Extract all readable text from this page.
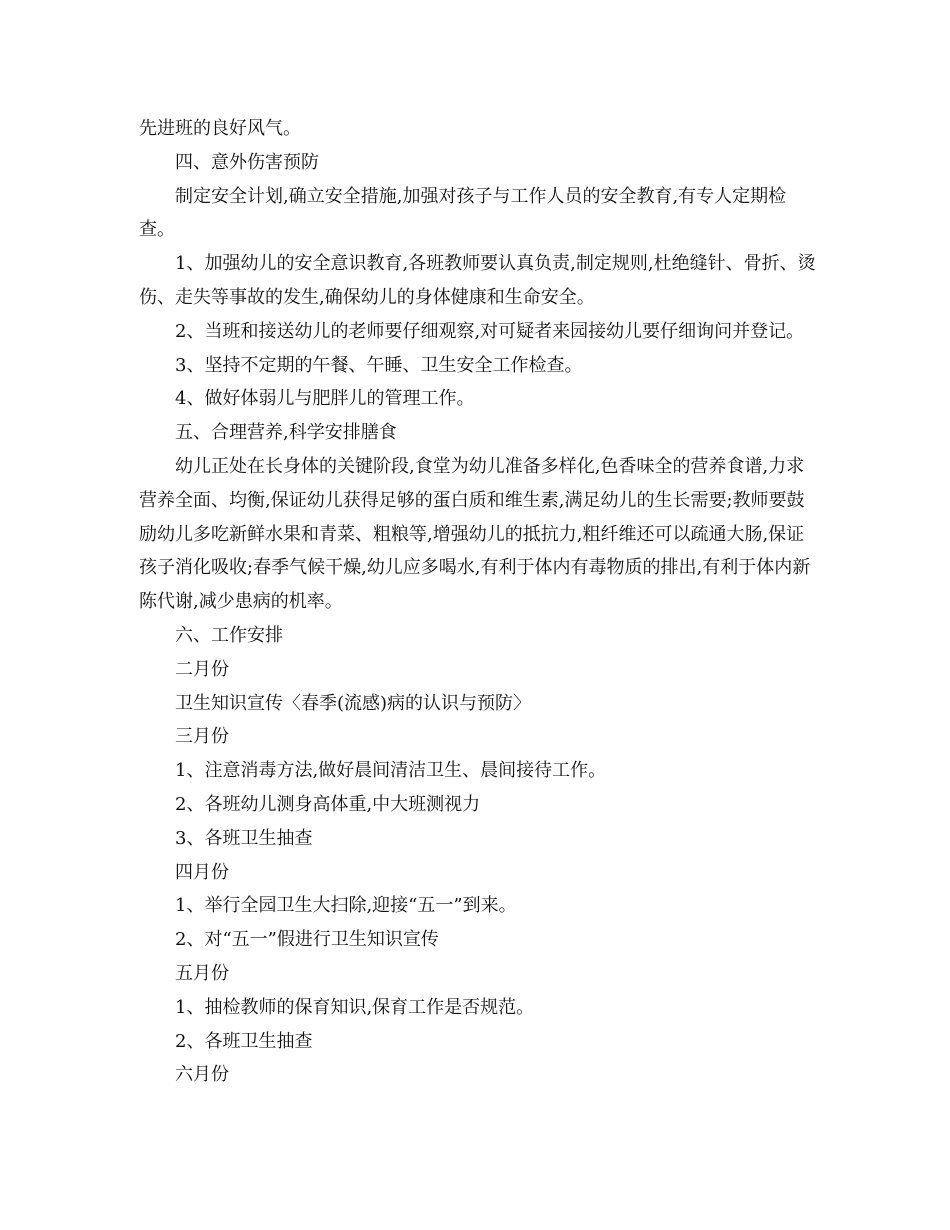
先进班的良好风气。

四、意外伤害预防

制定安全计划,确立安全措施,加强对孩子与工作人员的安全教育,有专人定期检查。

1、加强幼儿的安全意识教育,各班教师要认真负责,制定规则,杜绝缝针、骨折、烫伤、走失等事故的发生,确保幼儿的身体健康和生命安全。

2、当班和接送幼儿的老师要仔细观察,对可疑者来园接幼儿要仔细询问并登记。

3、坚持不定期的午餐、午睡、卫生安全工作检查。

4、做好体弱儿与肥胖儿的管理工作。

五、合理营养,科学安排膳食

幼儿正处在长身体的关键阶段,食堂为幼儿准备多样化,色香味全的营养食谱,力求营养全面、均衡,保证幼儿获得足够的蛋白质和维生素,满足幼儿的生长需要;教师要鼓励幼儿多吃新鲜水果和青菜、粗粮等,增强幼儿的抵抗力,粗纤维还可以疏通大肠,保证孩子消化吸收;春季气候干燥,幼儿应多喝水,有利于体内有毒物质的排出,有利于体内新陈代谢,减少患病的机率。

六、工作安排

二月份

卫生知识宣传〈春季(流感)病的认识与预防〉

三月份

1、注意消毒方法,做好晨间清洁卫生、晨间接待工作。

2、各班幼儿测身高体重,中大班测视力

3、各班卫生抽查

四月份

1、举行全园卫生大扫除,迎接“五一”到来。

2、对“五一”假进行卫生知识宣传

五月份

1、抽检教师的保育知识,保育工作是否规范。

2、各班卫生抽查

六月份
